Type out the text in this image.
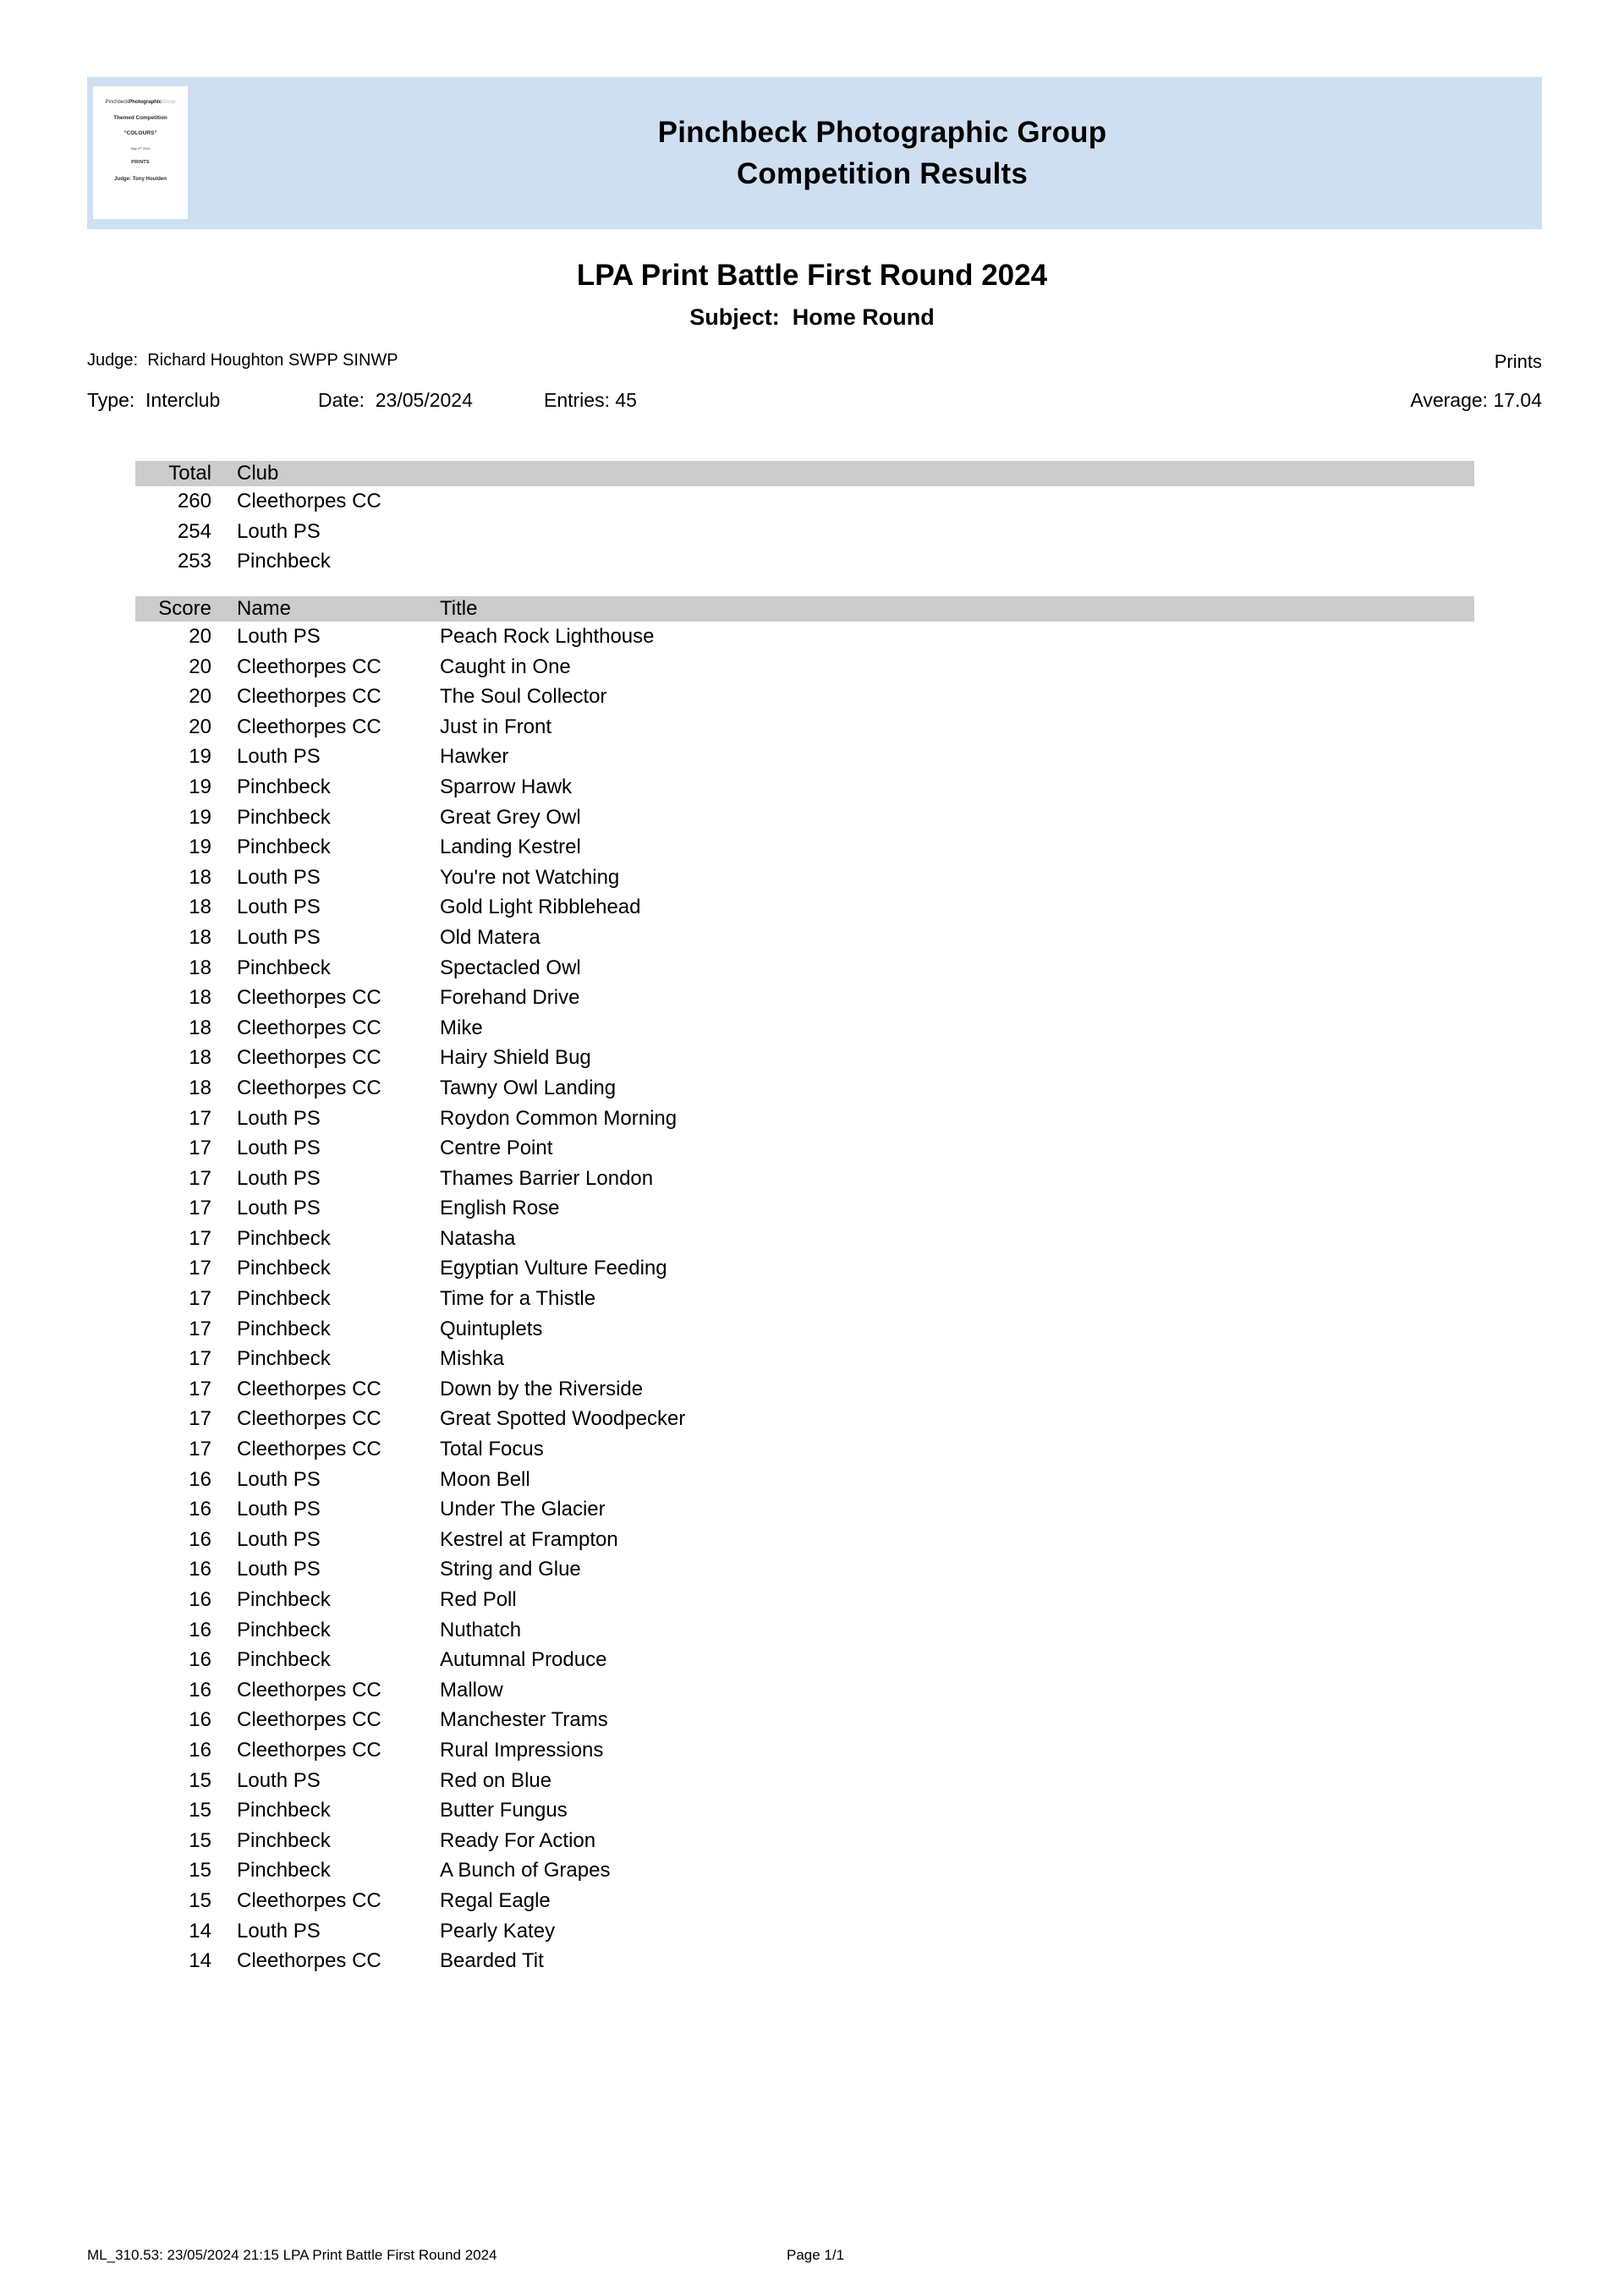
PinchbeckPhotographicGroup
Themed Competition
“COLOURS”
May 9ᵗʰ 2024
PRINTS
Judge: Tony Houlden
Pinchbeck Photographic Group
Competition Results
LPA Print Battle First Round 2024
Subject: Home Round
Judge: Richard Houghton SWPP SINWP	Prints
Type: Interclub	Date: 23/05/2024	Entries: 45	Average: 17.04
Total Club
260 Cleethorpes CC
254 Louth PS
253 Pinchbeck
Score Name	Title
20 Louth PS	Peach Rock Lighthouse
20 Cleethorpes CC	Caught in One
20 Cleethorpes CC	The Soul Collector
20 Cleethorpes CC	Just in Front
19 Louth PS	Hawker
19 Pinchbeck	Sparrow Hawk
19 Pinchbeck	Great Grey Owl
19 Pinchbeck	Landing Kestrel
18 Louth PS	You're not Watching
18 Louth PS	Gold Light Ribblehead
18 Louth PS	Old Matera
18 Pinchbeck	Spectacled Owl
18 Cleethorpes CC	Forehand Drive
18 Cleethorpes CC	Mike
18 Cleethorpes CC	Hairy Shield Bug
18 Cleethorpes CC	Tawny Owl Landing
17 Louth PS	Roydon Common Morning
17 Louth PS	Centre Point
17 Louth PS	Thames Barrier London
17 Louth PS	English Rose
17 Pinchbeck	Natasha
17 Pinchbeck	Egyptian Vulture Feeding
17 Pinchbeck	Time for a Thistle
17 Pinchbeck	Quintuplets
17 Pinchbeck	Mishka
17 Cleethorpes CC	Down by the Riverside
17 Cleethorpes CC	Great Spotted Woodpecker
17 Cleethorpes CC	Total Focus
16 Louth PS	Moon Bell
16 Louth PS	Under The Glacier
16 Louth PS	Kestrel at Frampton
16 Louth PS	String and Glue
16 Pinchbeck	Red Poll
16 Pinchbeck	Nuthatch
16 Pinchbeck	Autumnal Produce
16 Cleethorpes CC	Mallow
16 Cleethorpes CC	Manchester Trams
16 Cleethorpes CC	Rural Impressions
15 Louth PS	Red on Blue
15 Pinchbeck	Butter Fungus
15 Pinchbeck	Ready For Action
15 Pinchbeck	A Bunch of Grapes
15 Cleethorpes CC	Regal Eagle
14 Louth PS	Pearly Katey
14 Cleethorpes CC	Bearded Tit
ML_310.53: 23/05/2024 21:15 LPA Print Battle First Round 2024	Page 1/1
